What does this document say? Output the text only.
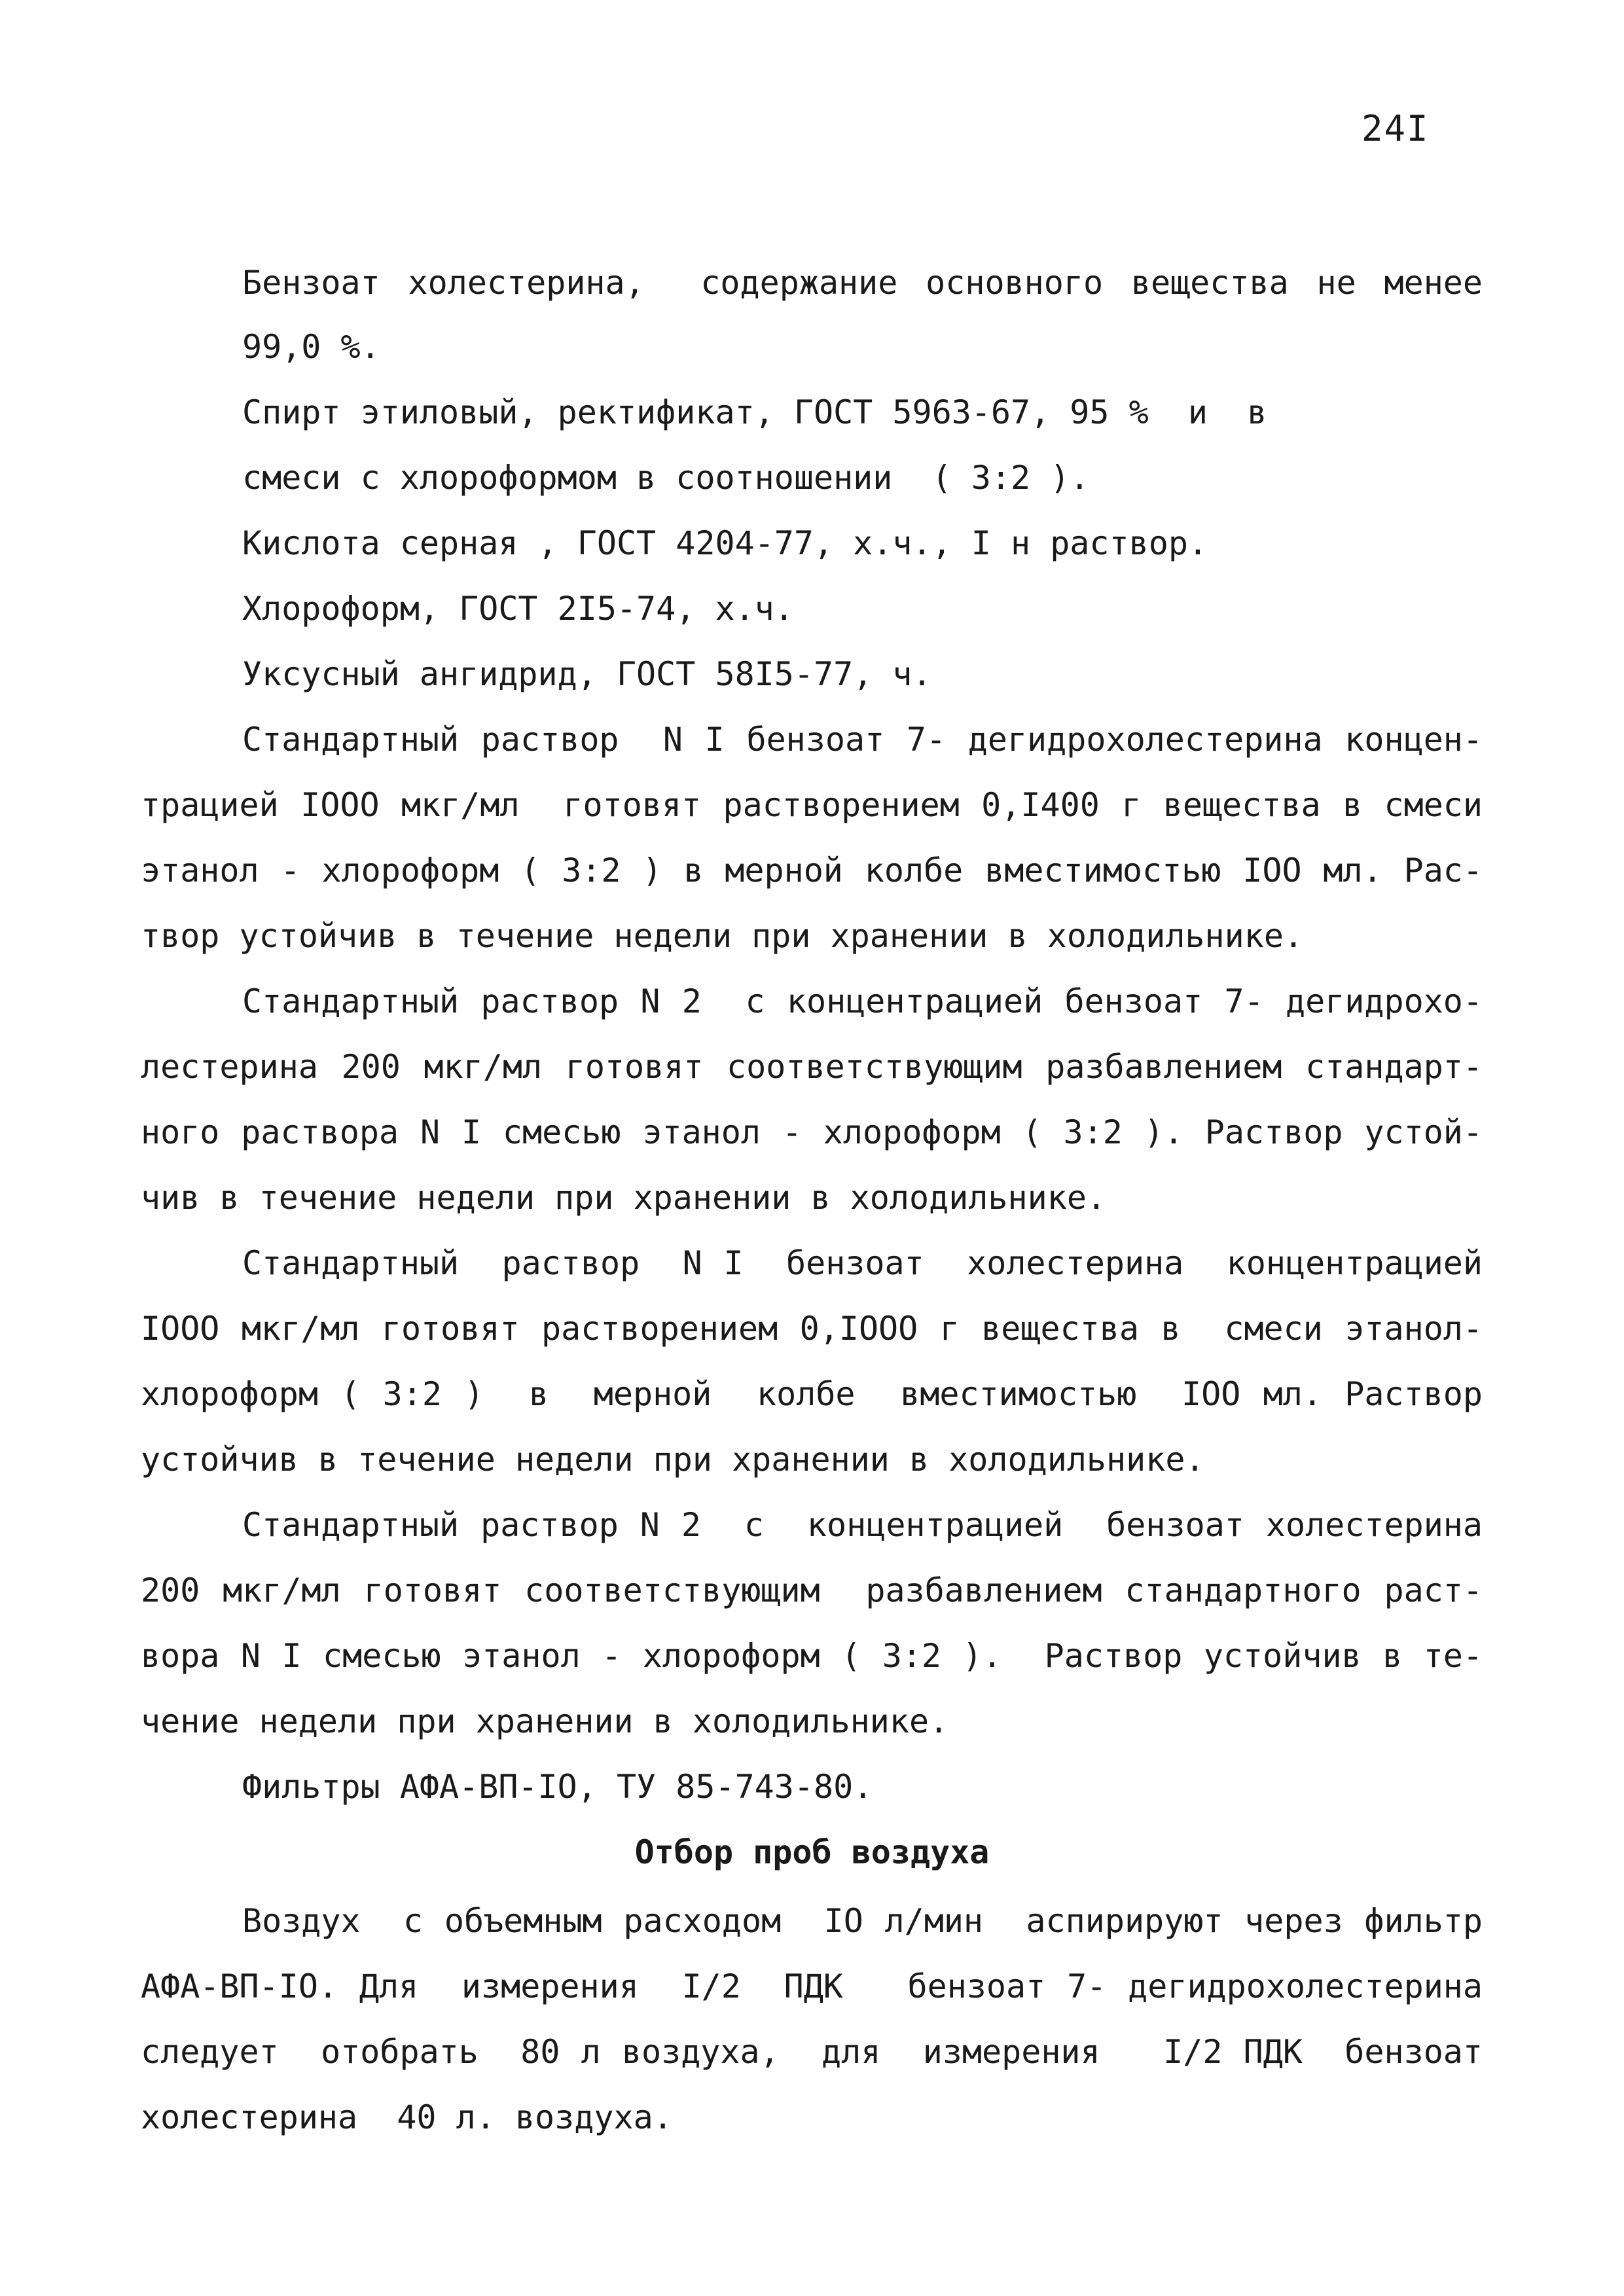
24I
Бензоат холестерина,  содержание основного вещества не менее
99,0 %.
Спирт этиловый, ректификат, ГОСТ 5963-67, 95 %  и  в
смеси с хлороформом в соотношении  ( 3:2 ).
Кислота серная , ГОСТ 4204-77, х.ч., I н раствор.
Хлороформ, ГОСТ 2I5-74, х.ч.
Уксусный ангидрид, ГОСТ 58I5-77, ч.
Стандартный раствор  N I бензоат 7- дегидрохолестерина концен-
трацией IООО мкг/мл  готовят растворением 0,I400 г вещества в смеси
этанол - хлороформ ( 3:2 ) в мерной колбе вместимостью IОО мл. Рас-
твор устойчив в течение недели при хранении в холодильнике.
Стандартный раствор N 2  с концентрацией бензоат 7- дегидрохо-
лестерина 200 мкг/мл готовят соответствующим разбавлением стандарт-
ного раствора N I смесью этанол - хлороформ ( 3:2 ). Раствор устой-
чив в течение недели при хранении в холодильнике.
Стандартный  раствор  N I  бензоат  холестерина  концентрацией
IООО мкг/мл готовят растворением 0,IООО г вещества в  смеси этанол-
хлороформ ( 3:2 )  в  мерной  колбе  вместимостью  IОО мл. Раствор
устойчив в течение недели при хранении в холодильнике.
Стандартный раствор N 2  с  концентрацией  бензоат холестерина
200 мкг/мл готовят соответствующим  разбавлением стандартного раст-
вора N I смесью этанол - хлороформ ( 3:2 ).  Раствор устойчив в те-
чение недели при хранении в холодильнике.
Фильтры АФА-ВП-IО, ТУ 85-743-80.
Отбор проб воздуха
Воздух  с объемным расходом  IО л/мин  аспирируют через фильтр
АФА-ВП-IО. Для  измерения  I/2  ПДК   бензоат 7- дегидрохолестерина
следует  отобрать  80 л воздуха,  для  измерения   I/2 ПДК  бензоат
холестерина  40 л. воздуха.
